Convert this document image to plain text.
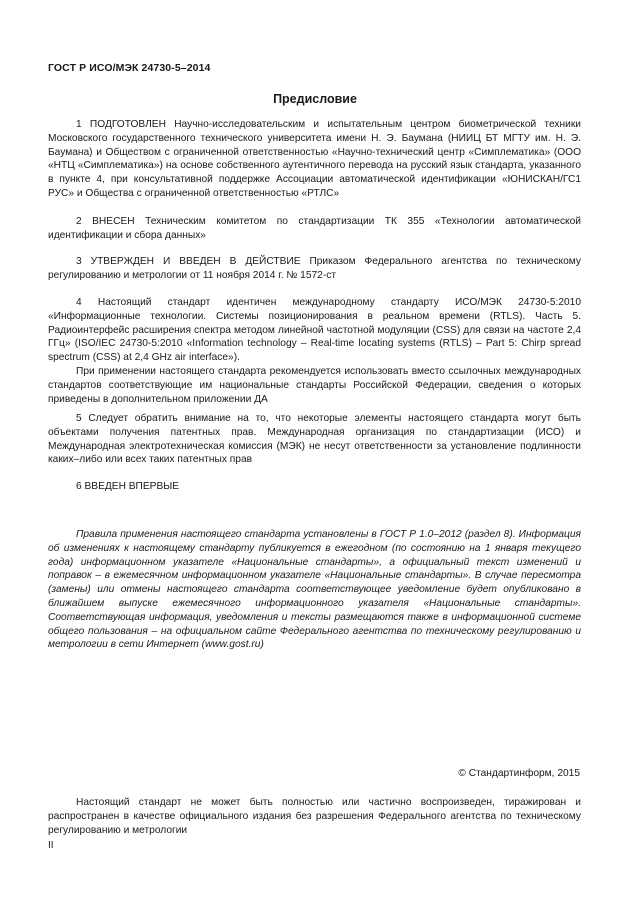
ГОСТ Р ИСО/МЭК 24730-5–2014
Предисловие

1 ПОДГОТОВЛЕН Научно-исследовательским и испытательным центром биометрической техники Московского государственного технического университета имени Н. Э. Баумана (НИИЦ БТ МГТУ им. Н. Э. Баумана) и Обществом с ограниченной ответственностью «Научно-технический центр «Симплематика» (ООО «НТЦ «Симплематика») на основе собственного аутентичного перевода на русский язык стандарта, указанного в пункте 4, при консультативной поддержке Ассоциации автоматической идентификации «ЮНИСКАН/ГС1 РУС» и Общества с ограниченной ответственностью «РТЛС»

2 ВНЕСЕН Техническим комитетом по стандартизации ТК 355 «Технологии автоматической идентификации и сбора данных»

3 УТВЕРЖДЕН И ВВЕДЕН В ДЕЙСТВИЕ Приказом Федерального агентства по техническому регулированию и метрологии от 11 ноября 2014 г. № 1572-ст

4 Настоящий стандарт идентичен международному стандарту ИСО/МЭК 24730-5:2010 «Информационные технологии. Системы позиционирования в реальном времени (RTLS). Часть 5. Радиоинтерфейс расширения спектра методом линейной частотной модуляции (CSS) для связи на частоте 2,4 ГГц» (ISO/IEC 24730-5:2010 «Information technology – Real-time locating systems (RTLS) – Part 5: Chirp spread spectrum (CSS) at 2,4 GHz air interface»).

При применении настоящего стандарта рекомендуется использовать вместо ссылочных международных стандартов соответствующие им национальные стандарты Российской Федерации, сведения о которых приведены в дополнительном приложении ДА

5 Следует обратить внимание на то, что некоторые элементы настоящего стандарта могут быть объектами получения патентных прав. Международная организация по стандартизации (ИСО) и Международная электротехническая комиссия (МЭК) не несут ответственности за установление подлинности каких–либо или всех таких патентных прав

6 ВВЕДЕН ВПЕРВЫЕ

Правила применения настоящего стандарта установлены в ГОСТ Р 1.0–2012 (раздел 8). Информация об изменениях к настоящему стандарту публикуется в ежегодном (по состоянию на 1 января текущего года) информационном указателе «Национальные стандарты», а официальный текст изменений и поправок – в ежемесячном информационном указателе «Национальные стандарты». В случае пересмотра (замены) или отмены настоящего стандарта соответствующее уведомление будет опубликовано в ближайшем выпуске ежемесячного информационного указателя «Национальные стандарты». Соответствующая информация, уведомления и тексты размещаются также в информационной системе общего пользования – на официальном сайте Федерального агентства по техническому регулированию и метрологии в сети Интернет (www.gost.ru)

© Стандартинформ, 2015

Настоящий стандарт не может быть полностью или частично воспроизведен, тиражирован и распространен в качестве официального издания без разрешения Федерального агентства по техническому регулированию и метрологии

II
